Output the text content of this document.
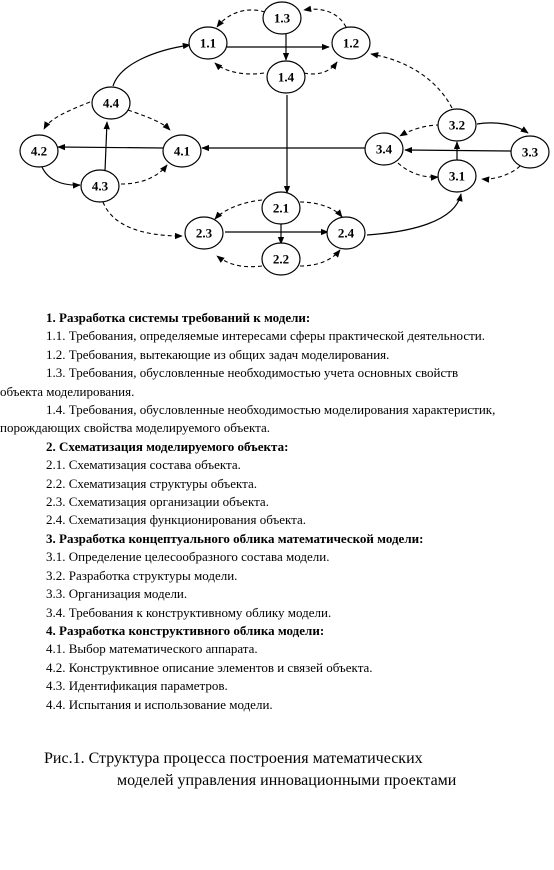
1.3
1.1	1.2
1.4
4.4
4.2	4.1
4.3
3.2
3.4	3.3
3.1
2.1
2.3	2.4
2.2
1. Разработка системы требований к модели:
1.1. Требования, определяемые интересами сферы практической деятельности.
1.2. Требования, вытекающие из общих задач моделирования.
1.3. Требования, обусловленные необходимостью учета основных свойств объекта моделирования.
1.4. Требования, обусловленные необходимостью моделирования характеристик, порождающих свойства моделируемого объекта.
2. Схематизация моделируемого объекта:
2.1. Схематизация состава объекта.
2.2. Схематизация структуры объекта.
2.3. Схематизация организации объекта.
2.4. Схематизация функционирования объекта.
3. Разработка концептуального облика математической модели:
3.1. Определение целесообразного состава модели.
3.2. Разработка структуры модели.
3.3. Организация модели.
3.4. Требования к конструктивному облику модели.
4. Разработка конструктивного облика модели:
4.1. Выбор математического аппарата.
4.2. Конструктивное описание элементов и связей объекта.
4.3. Идентификация параметров.
4.4. Испытания и использование модели.
Рис.1. Структура процесса построения математических
моделей управления инновационными проектами
